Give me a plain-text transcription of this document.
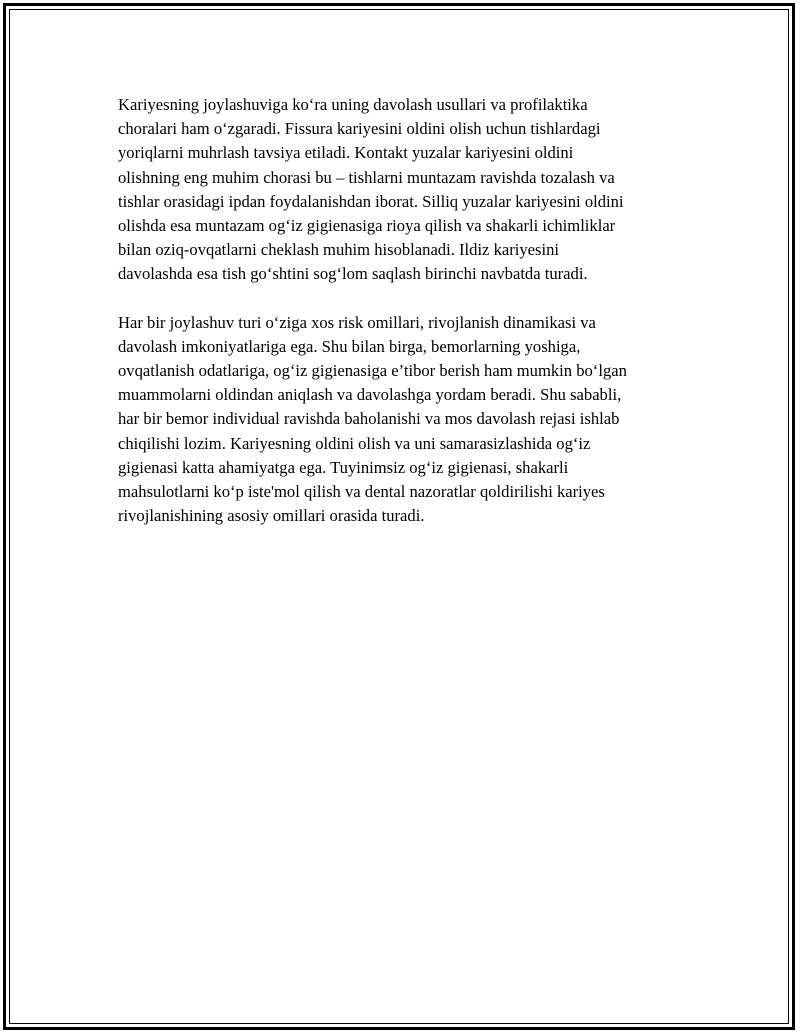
Kariyesning joylashuviga ko‘ra uning davolash usullari va profilaktika
choralari ham o‘zgaradi. Fissura kariyesini oldini olish uchun tishlardagi
yoriqlarni muhrlash tavsiya etiladi. Kontakt yuzalar kariyesini oldini
olishning eng muhim chorasi bu – tishlarni muntazam ravishda tozalash va
tishlar orasidagi ipdan foydalanishdan iborat. Silliq yuzalar kariyesini oldini
olishda esa muntazam og‘iz gigienasiga rioya qilish va shakarli ichimliklar
bilan oziq-ovqatlarni cheklash muhim hisoblanadi. Ildiz kariyesini
davolashda esa tish go‘shtini sog‘lom saqlash birinchi navbatda turadi.

Har bir joylashuv turi o‘ziga xos risk omillari, rivojlanish dinamikasi va
davolash imkoniyatlariga ega. Shu bilan birga, bemorlarning yoshiga,
ovqatlanish odatlariga, og‘iz gigienasiga e’tibor berish ham mumkin bo‘lgan
muammolarni oldindan aniqlash va davolashga yordam beradi. Shu sababli,
har bir bemor individual ravishda baholanishi va mos davolash rejasi ishlab
chiqilishi lozim. Kariyesning oldini olish va uni samarasizlashida og‘iz
gigienasi katta ahamiyatga ega. Tuyinimsiz og‘iz gigienasi, shakarli
mahsulotlarni ko‘p iste'mol qilish va dental nazoratlar qoldirilishi kariyes
rivojlanishining asosiy omillari orasida turadi.
